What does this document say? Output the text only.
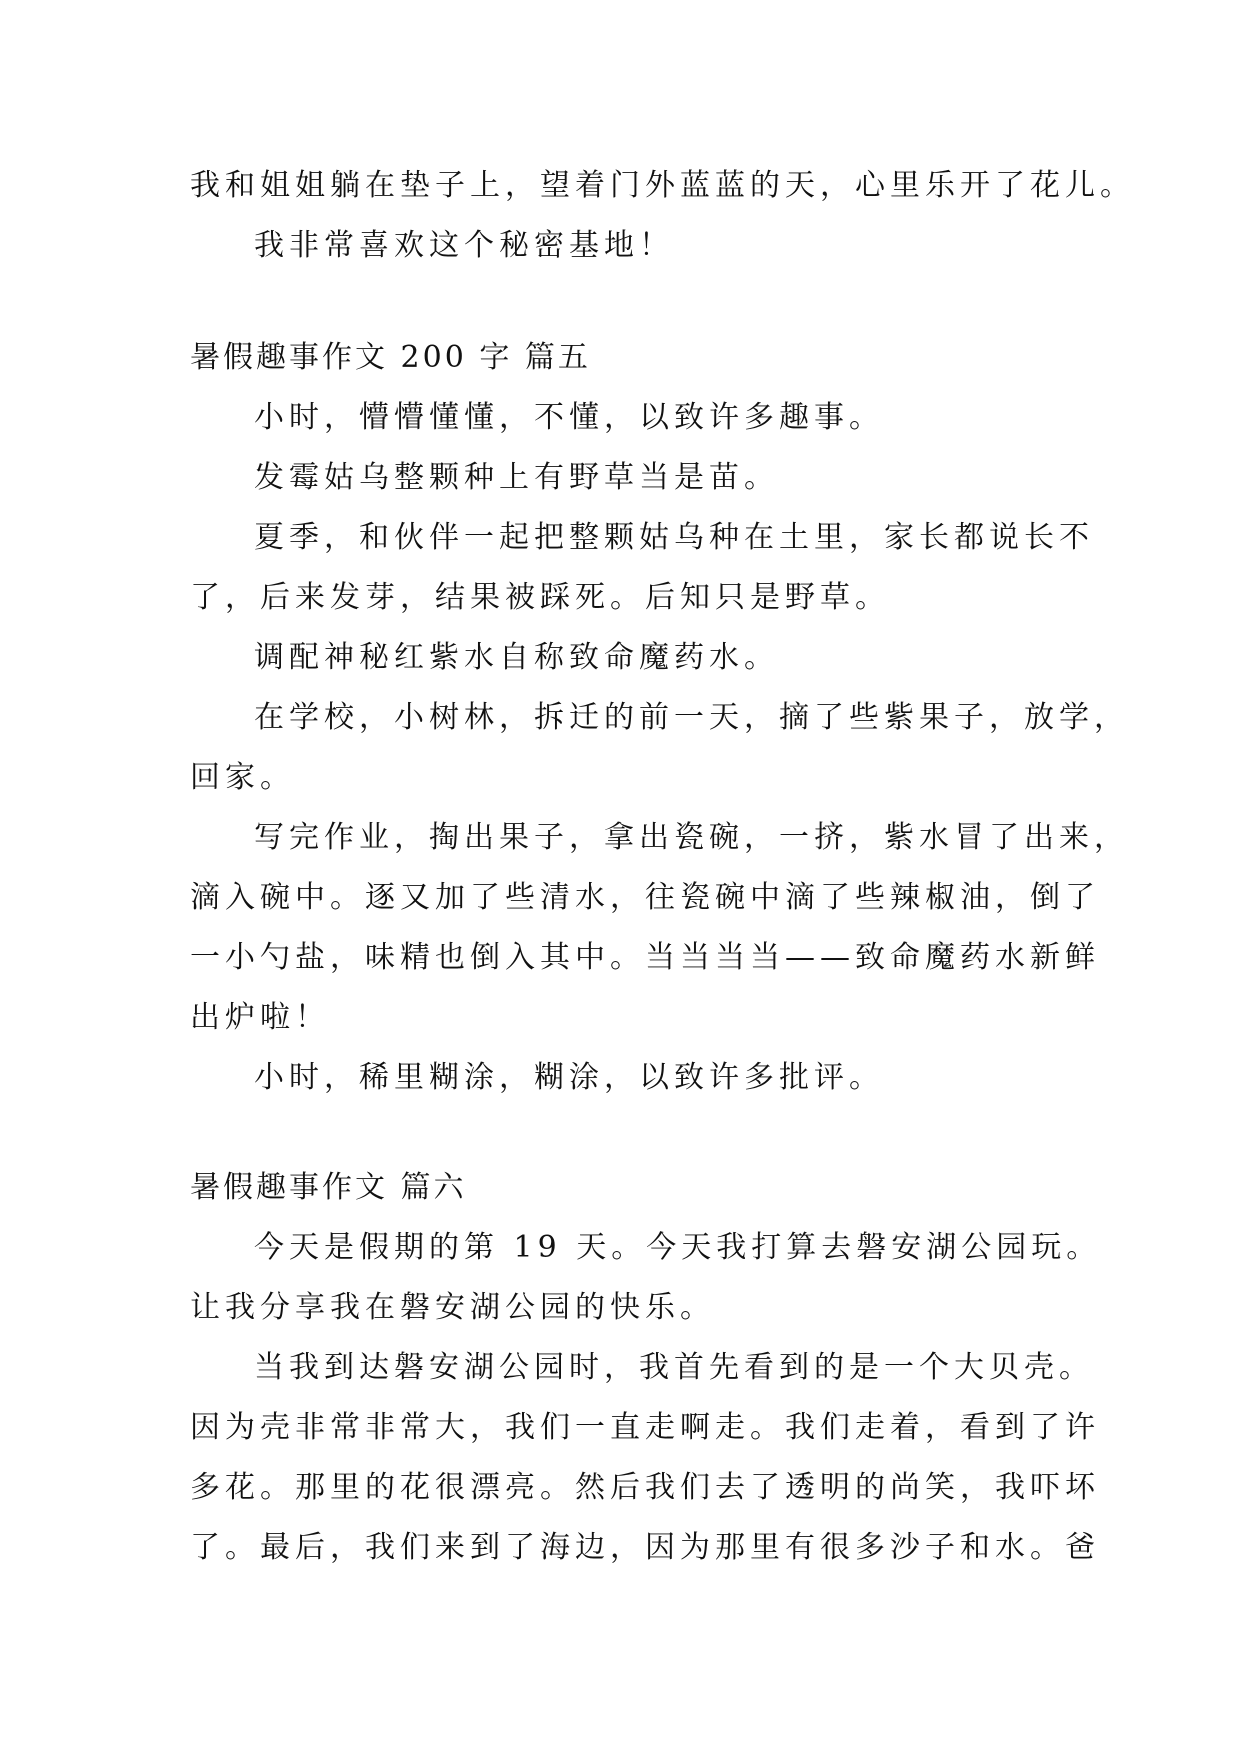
我和姐姐躺在垫子上，望着门外蓝蓝的天，心里乐开了花儿。
我非常喜欢这个秘密基地！
暑假趣事作文 200 字 篇五
小时，懵懵懂懂，不懂，以致许多趣事。
发霉姑乌整颗种上有野草当是苗。
夏季，和伙伴一起把整颗姑乌种在土里，家长都说长不
了，后来发芽，结果被踩死。后知只是野草。
调配神秘红紫水自称致命魔药水。
在学校，小树林，拆迁的前一天，摘了些紫果子，放学，
回家。
写完作业，掏出果子，拿出瓷碗，一挤，紫水冒了出来，
滴入碗中。逐又加了些清水，往瓷碗中滴了些辣椒油，倒了
一小勺盐，味精也倒入其中。当当当当——致命魔药水新鲜
出炉啦！
小时，稀里糊涂，糊涂，以致许多批评。
暑假趣事作文 篇六
今天是假期的第 19 天。今天我打算去磐安湖公园玩。
让我分享我在磐安湖公园的快乐。
当我到达磐安湖公园时，我首先看到的是一个大贝壳。
因为壳非常非常大，我们一直走啊走。我们走着，看到了许
多花。那里的花很漂亮。然后我们去了透明的尚笑，我吓坏
了。最后，我们来到了海边，因为那里有很多沙子和水。爸
